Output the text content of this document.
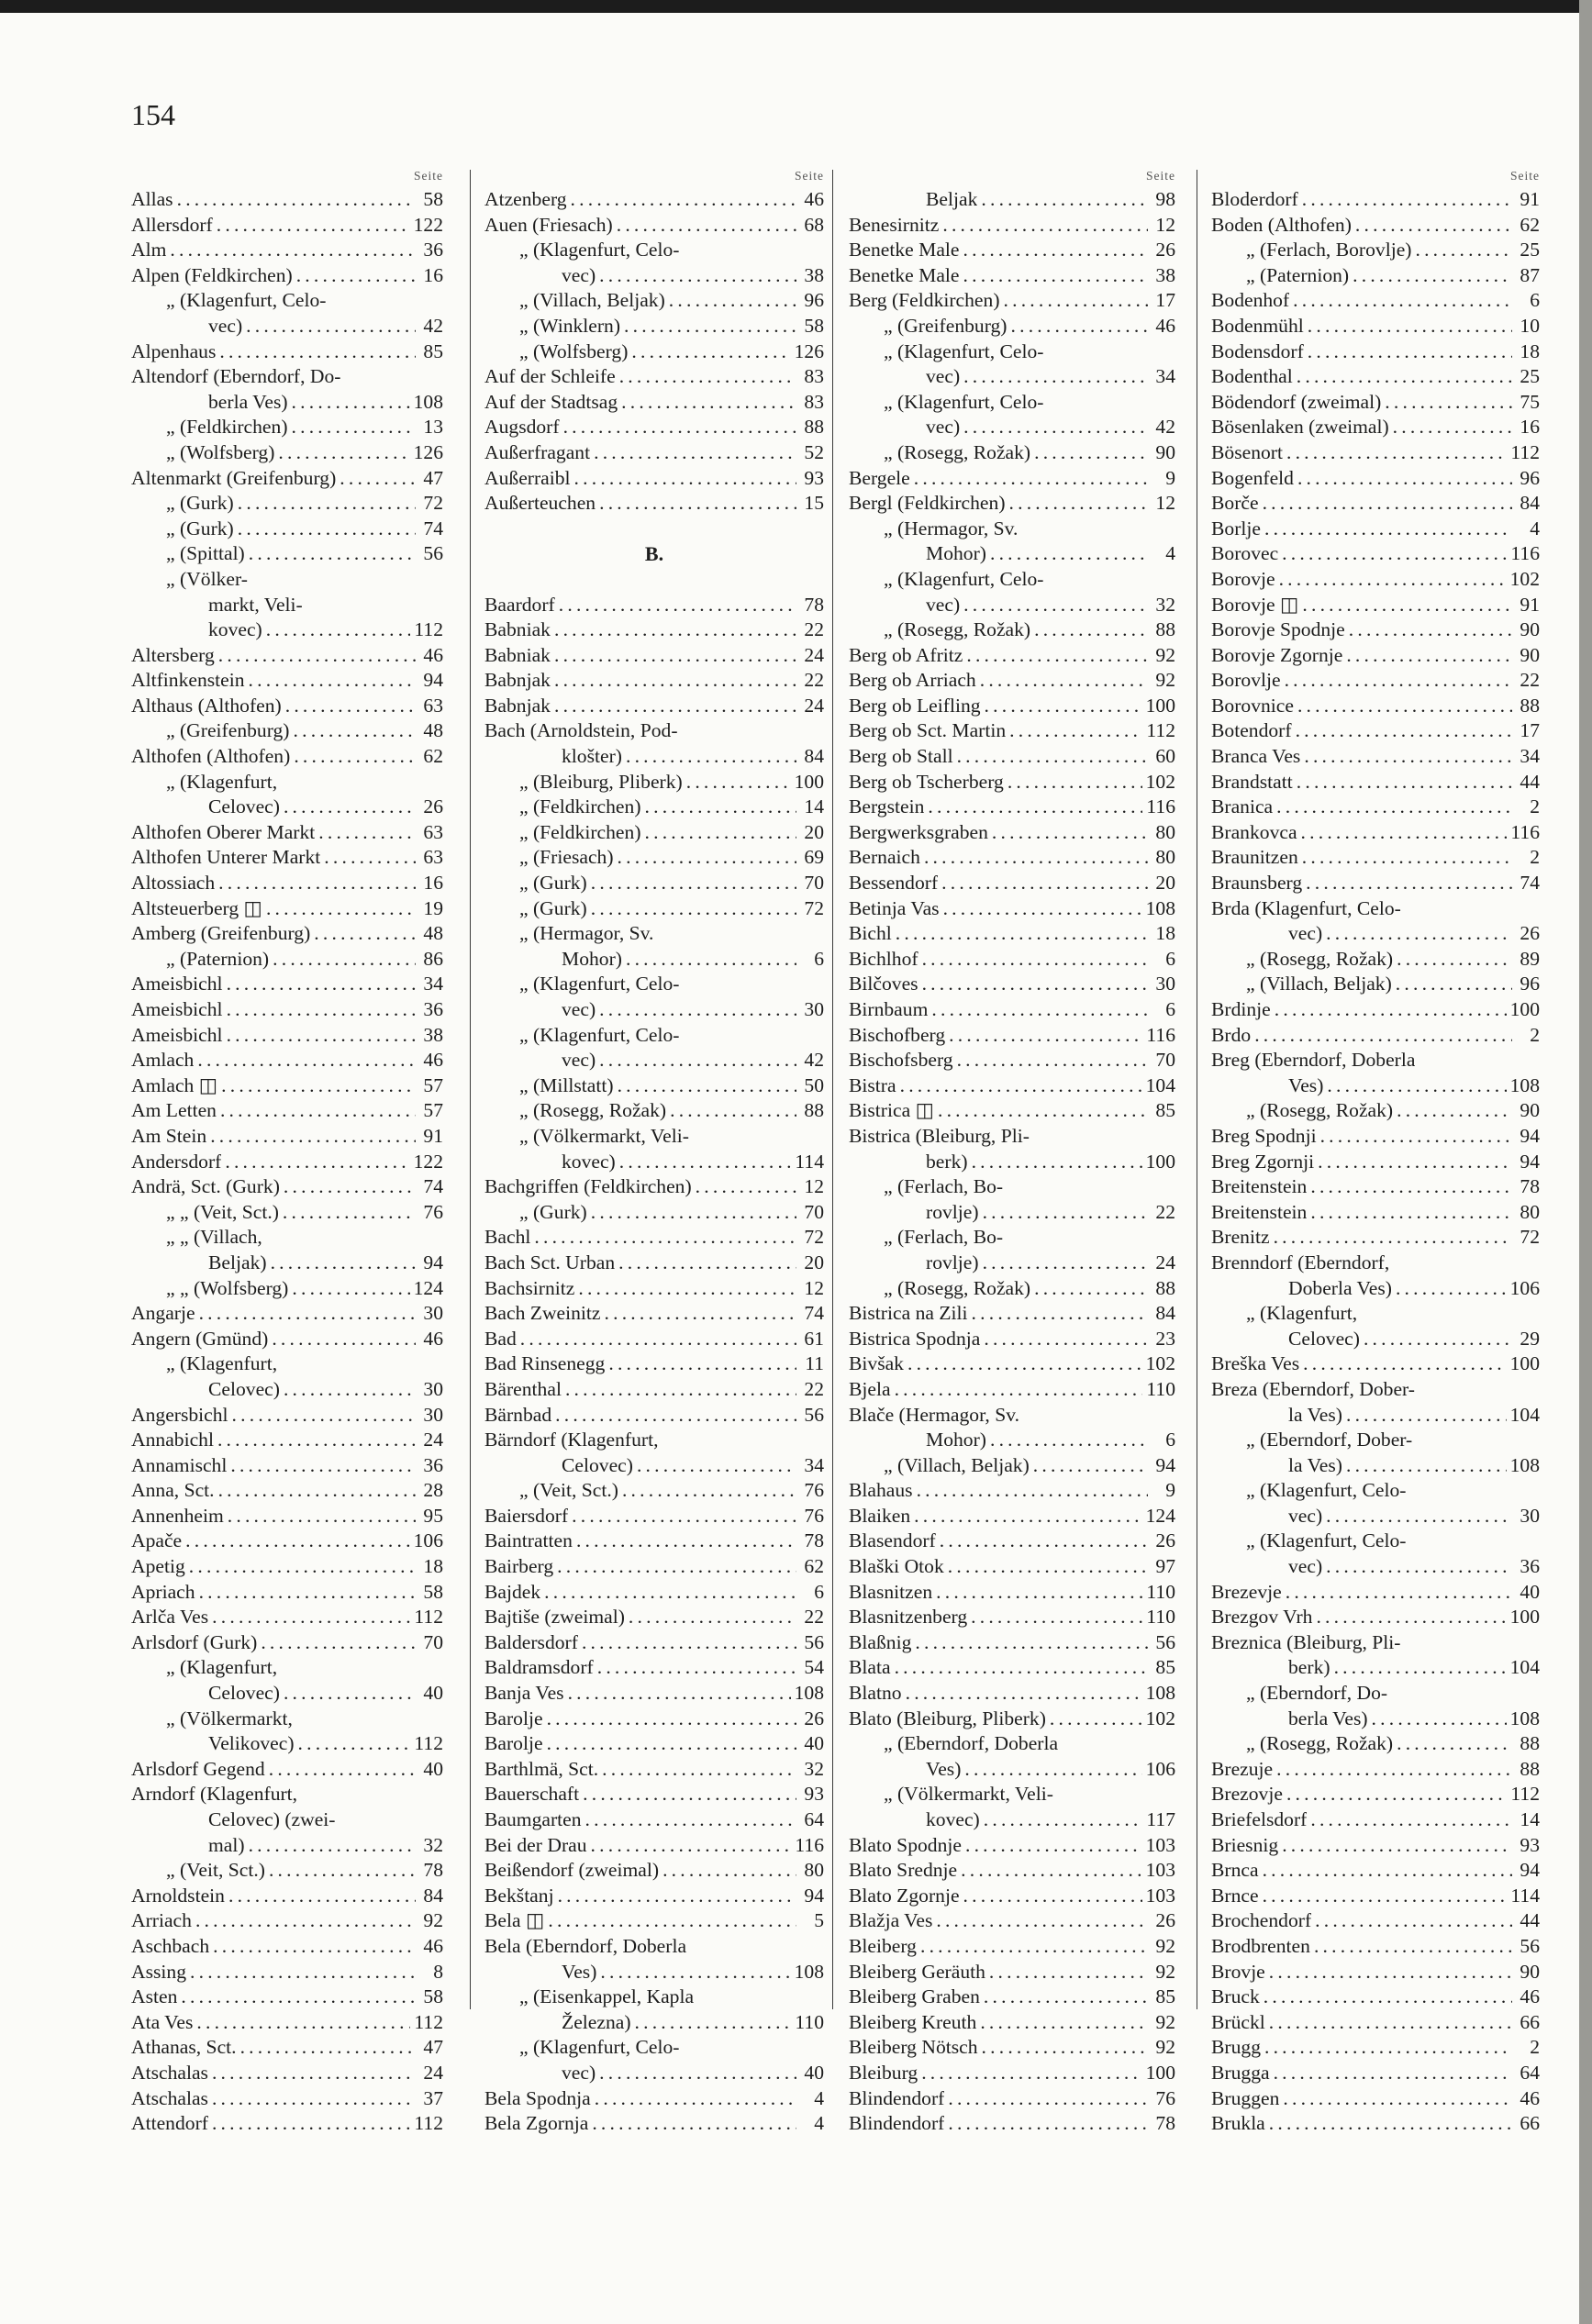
154
Seite
Allas . . .	58
Allersdorf . . .	122
Alm . . .	36
Alpen (Feldkirchen) . . .	16
„ (Klagenfurt, Celo-
vec) . . .	42
Alpenhaus . . .	85
Altendorf (Eberndorf, Do-
berla Ves) . . .	108
„ (Feldkirchen) . . .	13
„ (Wolfsberg) . . .	126
Altenmarkt (Greifenburg) . . .	47
„ (Gurk) . . .	72
„ (Gurk) . . .	74
„ (Spittal) . . .	56
„ (Völker-
markt, Veli-
kovec) . . .	112
Altersberg . . .	46
Altfinkenstein . . .	94
Althaus (Althofen) . . .	63
„ (Greifenburg) . . .	48
Althofen (Althofen) . . .	62
„ (Klagenfurt,
Celovec) . . .	26
Althofen Oberer Markt . . .	63
Althofen Unterer Markt . . .	63
Altossiach . . .	16
Altsteuerberg ◫ . . .	19
Amberg (Greifenburg) . . .	48
„ (Paternion) . . .	86
Ameisbichl . . .	34
Ameisbichl . . .	36
Ameisbichl . . .	38
Amlach . . .	46
Amlach ◫ . . .	57
Am Letten . . .	57
Am Stein . . .	91
Andersdorf . . .	122
Andrä, Sct. (Gurk) . . .	74
„ „ (Veit, Sct.) . . .	76
„ „ (Villach,
Beljak) . . .	94
„ „ (Wolfsberg) . . .	124
Angarje . . .	30
Angern (Gmünd) . . .	46
„ (Klagenfurt,
Celovec) . . .	30
Angersbichl . . .	30
Annabichl . . .	24
Annamischl . . .	36
Anna, Sct. . . .	28
Annenheim . . .	95
Apače . . .	106
Apetig . . .	18
Apriach . . .	58
Arlča Ves . . .	112
Arlsdorf (Gurk) . . .	70
„ (Klagenfurt,
Celovec) . . .	40
„ (Völkermarkt,
Velikovec) . . .	112
Arlsdorf Gegend . . .	40
Arndorf (Klagenfurt,
Celovec) (zwei-
mal) . . .	32
„ (Veit, Sct.) . . .	78
Arnoldstein . . .	84
Arriach . . .	92
Aschbach . . .	46
Assing . . .	8
Asten . . .	58
Ata Ves . . .	112
Athanas, Sct. . . .	47
Atschalas . . .	24
Atschalas . . .	37
Attendorf . . .	112
Seite
Atzenberg . . .	46
Auen (Friesach) . . .	68
„ (Klagenfurt, Celo-
vec) . . .	38
„ (Villach, Beljak) . . .	96
„ (Winklern) . . .	58
„ (Wolfsberg) . . .	126
Auf der Schleife . . .	83
Auf der Stadtsag . . .	83
Augsdorf . . .	88
Außerfragant . . .	52
Außerraibl . . .	93
Außerteuchen . . .	15
B.
Baardorf . . .	78
Babniak . . .	22
Babniak . . .	24
Babnjak . . .	22
Babnjak . . .	24
Bach (Arnoldstein, Pod-
klošter) . . .	84
„ (Bleiburg, Pliberk) . . .	100
„ (Feldkirchen) . . .	14
„ (Feldkirchen) . . .	20
„ (Friesach) . . .	69
„ (Gurk) . . .	70
„ (Gurk) . . .	72
„ (Hermagor, Sv.
Mohor) . . .	6
„ (Klagenfurt, Celo-
vec) . . .	30
„ (Klagenfurt, Celo-
vec) . . .	42
„ (Millstatt) . . .	50
„ (Rosegg, Rožak) . . .	88
„ (Völkermarkt, Veli-
kovec) . . .	114
Bachgriffen (Feldkirchen) . . .	12
„ (Gurk) . . .	70
Bachl . . .	72
Bach Sct. Urban . . .	20
Bachsirnitz . . .	12
Bach Zweinitz . . .	74
Bad . . .	61
Bad Rinsenegg . . .	11
Bärenthal . . .	22
Bärnbad . . .	56
Bärndorf (Klagenfurt,
Celovec) . . .	34
„ (Veit, Sct.) . . .	76
Baiersdorf . . .	76
Baintratten . . .	78
Bairberg . . .	62
Bajdek . . .	6
Bajtiše (zweimal) . . .	22
Baldersdorf . . .	56
Baldramsdorf . . .	54
Banja Ves . . .	108
Barolje . . .	26
Barolje . . .	40
Barthlmä, Sct. . . .	32
Bauerschaft . . .	93
Baumgarten . . .	64
Bei der Drau . . .	116
Beißendorf (zweimal) . . .	80
Bekštanj . . .	94
Bela ◫ . . .	5
Bela (Eberndorf, Doberla
Ves) . . .	108
„ (Eisenkappel, Kapla
Železna) . . .	110
„ (Klagenfurt, Celo-
vec) . . .	40
Bela Spodnja . . .	4
Bela Zgornja . . .	4
Seite
Beljak . . .	98
Benesirnitz . . .	12
Benetke Male . . .	26
Benetke Male . . .	38
Berg (Feldkirchen) . . .	17
„ (Greifenburg) . . .	46
„ (Klagenfurt, Celo-
vec) . . .	34
„ (Klagenfurt, Celo-
vec) . . .	42
„ (Rosegg, Rožak) . . .	90
Bergele . . .	9
Bergl (Feldkirchen) . . .	12
„ (Hermagor, Sv.
Mohor) . . .	4
„ (Klagenfurt, Celo-
vec) . . .	32
„ (Rosegg, Rožak) . . .	88
Berg ob Afritz . . .	92
Berg ob Arriach . . .	92
Berg ob Leifling . . .	100
Berg ob Sct. Martin . . .	112
Berg ob Stall . . .	60
Berg ob Tscherberg . . .	102
Bergstein . . .	116
Bergwerksgraben . . .	80
Bernaich . . .	80
Bessendorf . . .	20
Betinja Vas . . .	108
Bichl . . .	18
Bichlhof . . .	6
Bilčoves . . .	30
Birnbaum . . .	6
Bischofberg . . .	116
Bischofsberg . . .	70
Bistra . . .	104
Bistrica ◫ . . .	85
Bistrica (Bleiburg, Pli-
berk) . . .	100
„ (Ferlach, Bo-
rovlje) . . .	22
„ (Ferlach, Bo-
rovlje) . . .	24
„ (Rosegg, Rožak) . . .	88
Bistrica na Zili . . .	84
Bistrica Spodnja . . .	23
Bivšak . . .	102
Bjela . . .	110
Blače (Hermagor, Sv.
Mohor) . . .	6
„ (Villach, Beljak) . . .	94
Blahaus . . .	9
Blaiken . . .	124
Blasendorf . . .	26
Blaški Otok . . .	97
Blasnitzen . . .	110
Blasnitzenberg . . .	110
Blaßnig . . .	56
Blata . . .	85
Blatno . . .	108
Blato (Bleiburg, Pliberk) . . .	102
„ (Eberndorf, Doberla
Ves) . . .	106
„ (Völkermarkt, Veli-
kovec) . . .	117
Blato Spodnje . . .	103
Blato Srednje . . .	103
Blato Zgornje . . .	103
Blažja Ves . . .	26
Bleiberg . . .	92
Bleiberg Geräuth . . .	92
Bleiberg Graben . . .	85
Bleiberg Kreuth . . .	92
Bleiberg Nötsch . . .	92
Bleiburg . . .	100
Blindendorf . . .	76
Blindendorf . . .	78
Seite
Bloderdorf . . .	91
Boden (Althofen) . . .	62
„ (Ferlach, Borovlje) . . .	25
„ (Paternion) . . .	87
Bodenhof . . .	6
Bodenmühl . . .	10
Bodensdorf . . .	18
Bodenthal . . .	25
Bödendorf (zweimal) . . .	75
Bösenlaken (zweimal) . . .	16
Bösenort . . .	112
Bogenfeld . . .	96
Borče . . .	84
Borlje . . .	4
Borovec . . .	116
Borovje . . .	102
Borovje ◫ . . .	91
Borovje Spodnje . . .	90
Borovje Zgornje . . .	90
Borovlje . . .	22
Borovnice . . .	88
Botendorf . . .	17
Branca Ves . . .	34
Brandstatt . . .	44
Branica . . .	2
Brankovca . . .	116
Braunitzen . . .	2
Braunsberg . . .	74
Brda (Klagenfurt, Celo-
vec) . . .	26
„ (Rosegg, Rožak) . . .	89
„ (Villach, Beljak) . . .	96
Brdinje . . .	100
Brdo . . .	2
Breg (Eberndorf, Doberla
Ves) . . .	108
„ (Rosegg, Rožak) . . .	90
Breg Spodnji . . .	94
Breg Zgornji . . .	94
Breitenstein . . .	78
Breitenstein . . .	80
Brenitz . . .	72
Brenndorf (Eberndorf,
Doberla Ves) . . .	106
„ (Klagenfurt,
Celovec) . . .	29
Breška Ves . . .	100
Breza (Eberndorf, Dober-
la Ves) . . .	104
„ (Eberndorf, Dober-
la Ves) . . .	108
„ (Klagenfurt, Celo-
vec) . . .	30
„ (Klagenfurt, Celo-
vec) . . .	36
Brezevje . . .	40
Brezgov Vrh . . .	100
Breznica (Bleiburg, Pli-
berk) . . .	104
„ (Eberndorf, Do-
berla Ves) . . .	108
„ (Rosegg, Rožak) . . .	88
Brezuje . . .	88
Brezovje . . .	112
Briefelsdorf . . .	14
Briesnig . . .	93
Brnca . . .	94
Brnce . . .	114
Brochendorf . . .	44
Brodbrenten . . .	56
Brovje . . .	90
Bruck . . .	46
Brückl . . .	66
Brugg . . .	2
Brugga . . .	64
Bruggen . . .	46
Brukla . . .	66
